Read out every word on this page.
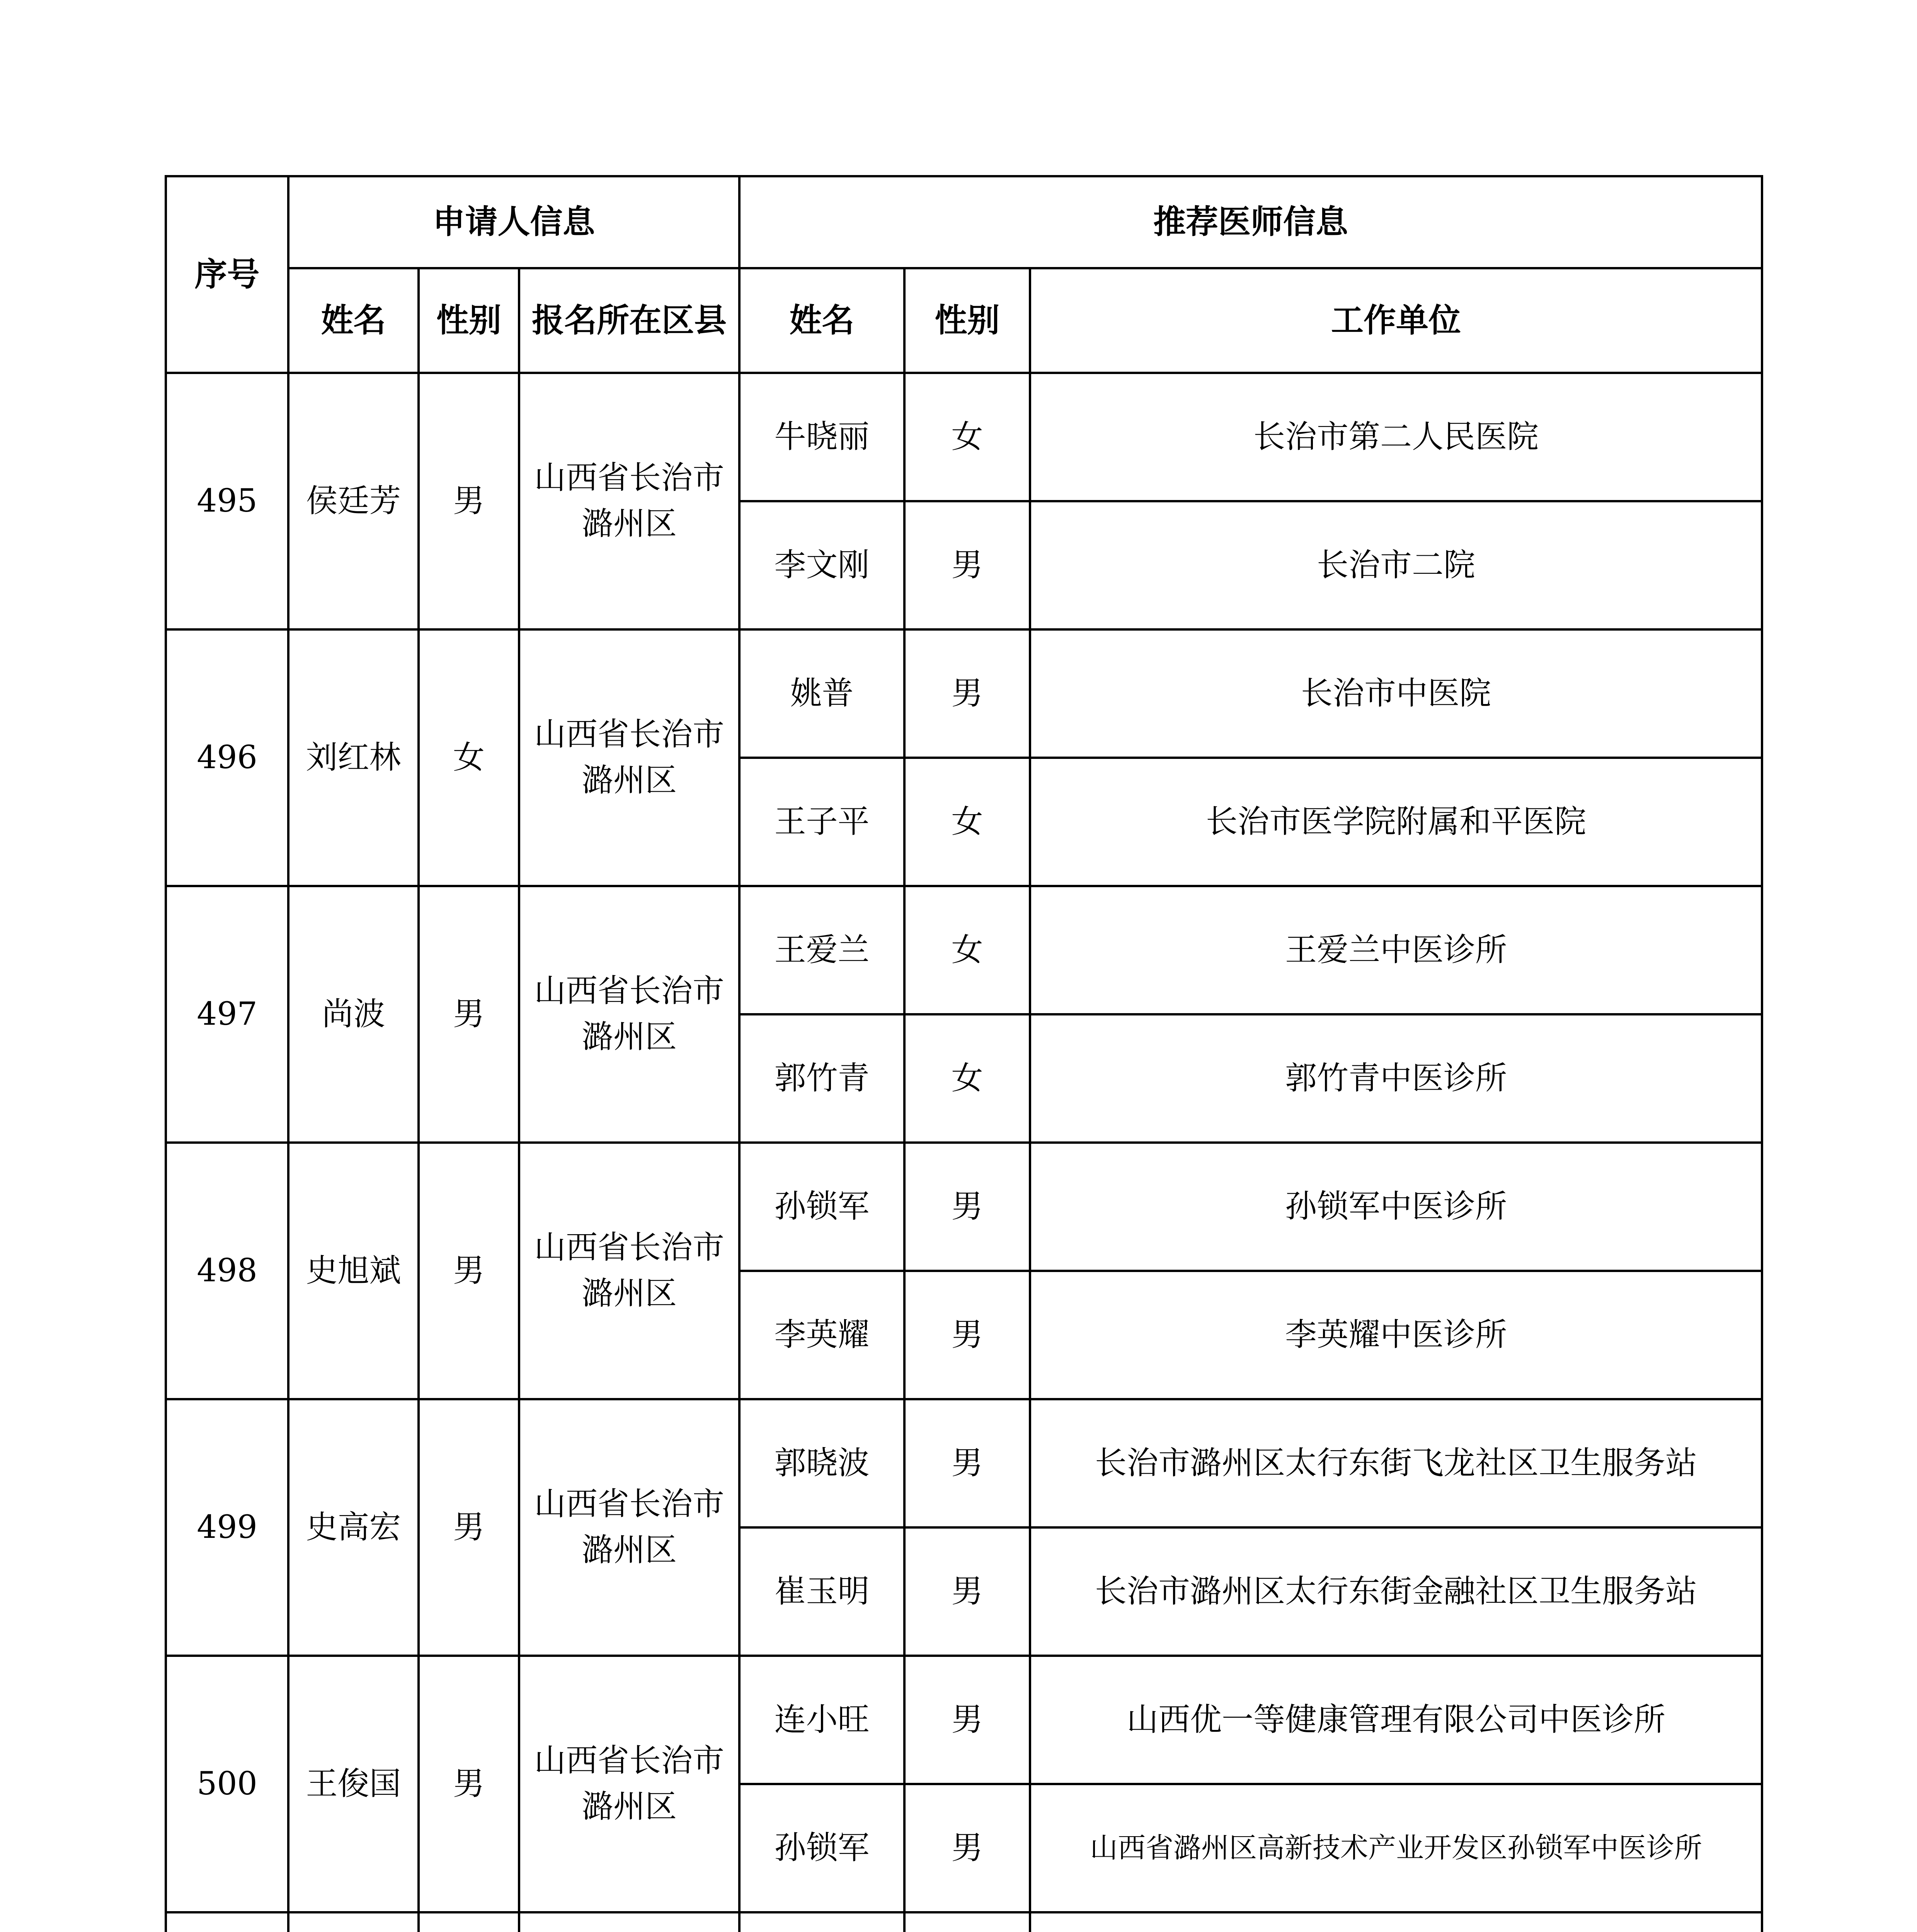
序号	申请人信息			推荐医师信息		
	姓名	性别	报名所在区县	姓名	性别	工作单位
495	侯廷芳	男	山西省长治市潞州区	牛晓丽	女	长治市第二人民医院
				李文刚	男	长治市二院
496	刘红林	女	山西省长治市潞州区	姚普	男	长治市中医院
				王子平	女	长治市医学院附属和平医院
497	尚波	男	山西省长治市潞州区	王爱兰	女	王爱兰中医诊所
				郭竹青	女	郭竹青中医诊所
498	史旭斌	男	山西省长治市潞州区	孙锁军	男	孙锁军中医诊所
				李英耀	男	李英耀中医诊所
499	史高宏	男	山西省长治市潞州区	郭晓波	男	长治市潞州区太行东街飞龙社区卫生服务站
				崔玉明	男	长治市潞州区太行东街金融社区卫生服务站
500	王俊国	男	山西省长治市潞州区	连小旺	男	山西优一等健康管理有限公司中医诊所
				孙锁军	男	山西省潞州区高新技术产业开发区孙锁军中医诊所
